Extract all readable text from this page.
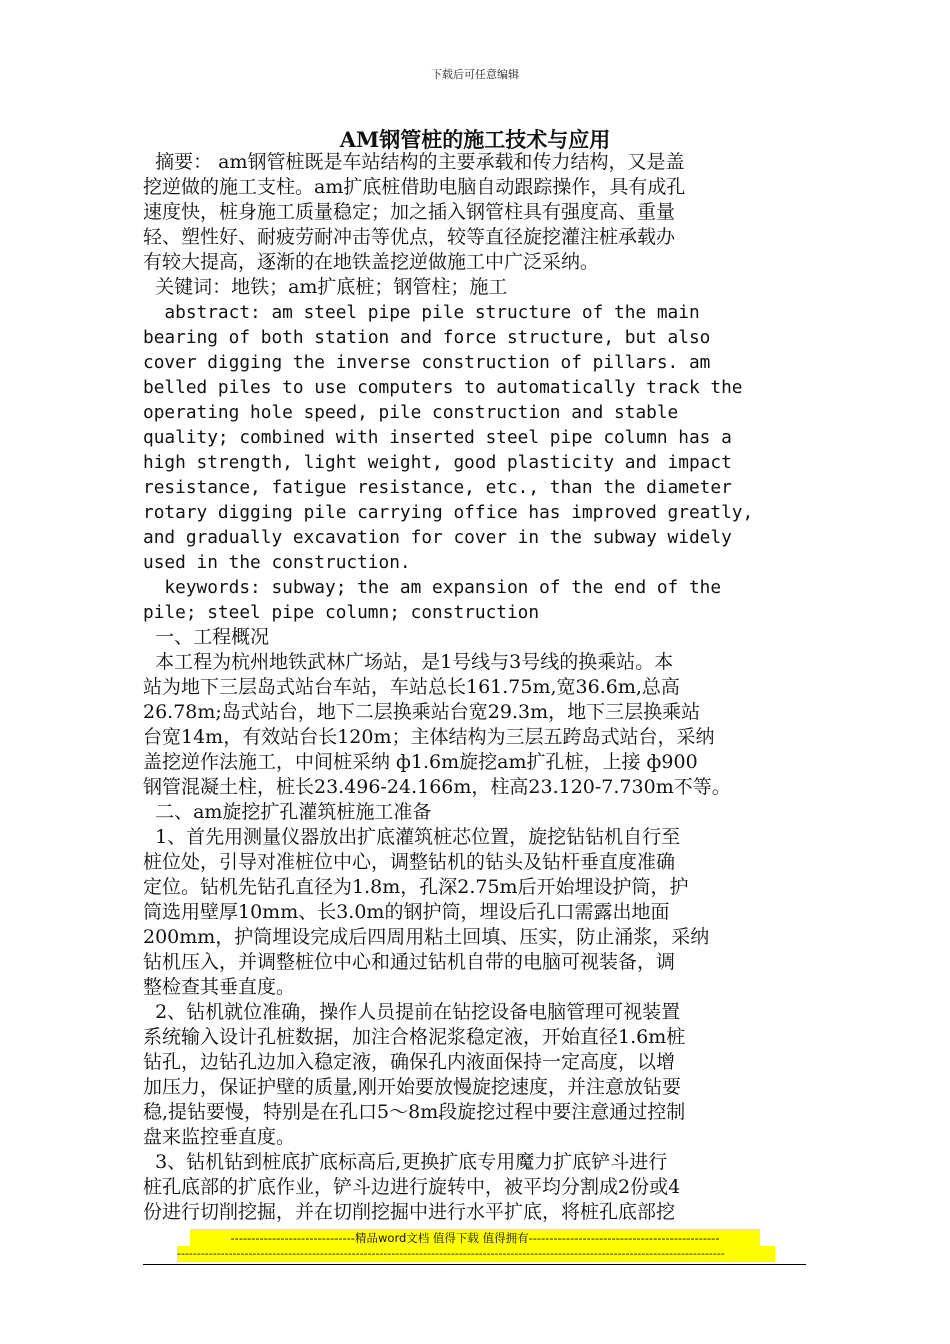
下载后可任意编辑
AM钢管桩的施工技术与应用
摘要： am钢管桩既是车站结构的主要承载和传力结构，又是盖
挖逆做的施工支柱。am扩底桩借助电脑自动跟踪操作，具有成孔
速度快，桩身施工质量稳定；加之插入钢管柱具有强度高、重量
轻、塑性好、耐疲劳耐冲击等优点，较等直径旋挖灌注桩承载办
有较大提高，逐渐的在地铁盖挖逆做施工中广泛采纳。
关键词：地铁；am扩底桩；钢管柱；施工
abstract: am steel pipe pile structure of the main
bearing of both station and force structure, but also
cover digging the inverse construction of pillars. am
belled piles to use computers to automatically track the
operating hole speed, pile construction and stable
quality; combined with inserted steel pipe column has a
high strength, light weight, good plasticity and impact
resistance, fatigue resistance, etc., than the diameter
rotary digging pile carrying office has improved greatly,
and gradually excavation for cover in the subway widely
used in the construction.
keywords: subway; the am expansion of the end of the
pile; steel pipe column; construction
一、工程概况
本工程为杭州地铁武林广场站，是1号线与3号线的换乘站。本
站为地下三层岛式站台车站，车站总长161.75m,宽36.6m,总高
26.78m;岛式站台，地下二层换乘站台宽29.3m，地下三层换乘站
台宽14m，有效站台长120m；主体结构为三层五跨岛式站台，采纳
盖挖逆作法施工，中间桩采纳 ф1.6m旋挖am扩孔桩，上接 ф900
钢管混凝土柱，桩长23.496-24.166m，柱高23.120-7.730m不等。
二、am旋挖扩孔灌筑桩施工准备
1、首先用测量仪器放出扩底灌筑桩芯位置，旋挖钻钻机自行至
桩位处，引导对准桩位中心，调整钻机的钻头及钻杆垂直度准确
定位。钻机先钻孔直径为1.8m，孔深2.75m后开始埋设护筒，护
筒选用壁厚10mm、长3.0m的钢护筒，埋设后孔口需露出地面
200mm，护筒埋设完成后四周用粘土回填、压实，防止涌浆，采纳
钻机压入，并调整桩位中心和通过钻机自带的电脑可视装备，调
整检查其垂直度。
2、钻机就位准确，操作人员提前在钻挖设备电脑管理可视装置
系统输入设计孔桩数据，加注合格泥浆稳定液，开始直径1.6m桩
钻孔，边钻孔边加入稳定液，确保孔内液面保持一定高度，以增
加压力，保证护壁的质量,刚开始要放慢旋挖速度，并注意放钻要
稳,提钻要慢，特别是在孔口5～8m段旋挖过程中要注意通过控制
盘来监控垂直度。
3、钻机钻到桩底扩底标高后,更换扩底专用魔力扩底铲斗进行
桩孔底部的扩底作业，铲斗边进行旋转中，被平均分割成2份或4
份进行切削挖掘，并在切削挖掘中进行水平扩底，将桩孔底部挖
------------------------------精品word文档 值得下载 值得拥有----------------------------------------------
------------------------------------------------------------------------------------------------------------------------------------------
